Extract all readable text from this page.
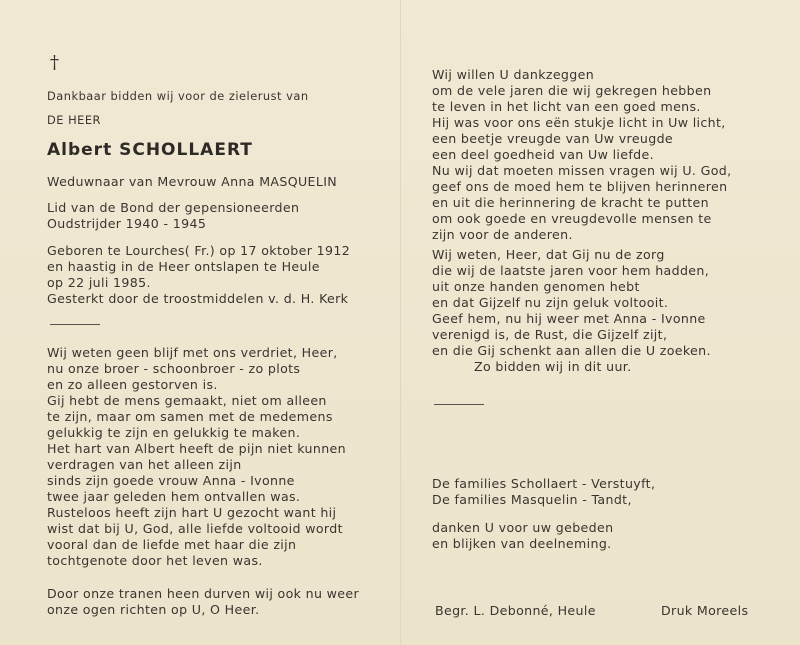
†
Dankbaar bidden wij voor de zielerust van
DE HEER
Albert SCHOLLAERT
Weduwnaar van Mevrouw Anna MASQUELIN
Lid van de Bond der gepensioneerden
Oudstrijder 1940 - 1945
Geboren te Lourches( Fr.) op 17 oktober 1912
en haastig in de Heer ontslapen te Heule
op 22 juli 1985.
Gesterkt door de troostmiddelen v. d. H. Kerk
Wij weten geen blijf met ons verdriet, Heer,
nu onze broer - schoonbroer - zo plots
en zo alleen gestorven is.
Gij hebt de mens gemaakt, niet om alleen
te zijn, maar om samen met de medemens
gelukkig te zijn en gelukkig te maken.
Het hart van Albert heeft de pijn niet kunnen
verdragen van het alleen zijn
sinds zijn goede vrouw Anna - Ivonne
twee jaar geleden hem ontvallen was.
Rusteloos heeft zijn hart U gezocht want hij
wist dat bij U, God, alle liefde voltooid wordt
vooral dan de liefde met haar die zijn
tochtgenote door het leven was.
Door onze tranen heen durven wij ook nu weer
onze ogen richten op U, O Heer.
Wij willen U dankzeggen
om de vele jaren die wij gekregen hebben
te leven in het licht van een goed mens.
Hij was voor ons eën stukje licht in Uw licht,
een beetje vreugde van Uw vreugde
een deel goedheid van Uw liefde.
Nu wij dat moeten missen vragen wij U. God,
geef ons de moed hem te blijven herinneren
en uit die herinnering de kracht te putten
om ook goede en vreugdevolle mensen te
zijn voor de anderen.
Wij weten, Heer, dat Gij nu de zorg
die wij de laatste jaren voor hem hadden,
uit onze handen genomen hebt
en dat Gijzelf nu zijn geluk voltooit.
Geef hem, nu hij weer met Anna - Ivonne
verenigd is, de Rust, die Gijzelf zijt,
en die Gij schenkt aan allen die U zoeken.
Zo bidden wij in dit uur.
De families Schollaert - Verstuyft,
De families Masquelin - Tandt,
danken U voor uw gebeden
en blijken van deelneming.
Begr. L. Debonné, Heule	Druk Moreels
